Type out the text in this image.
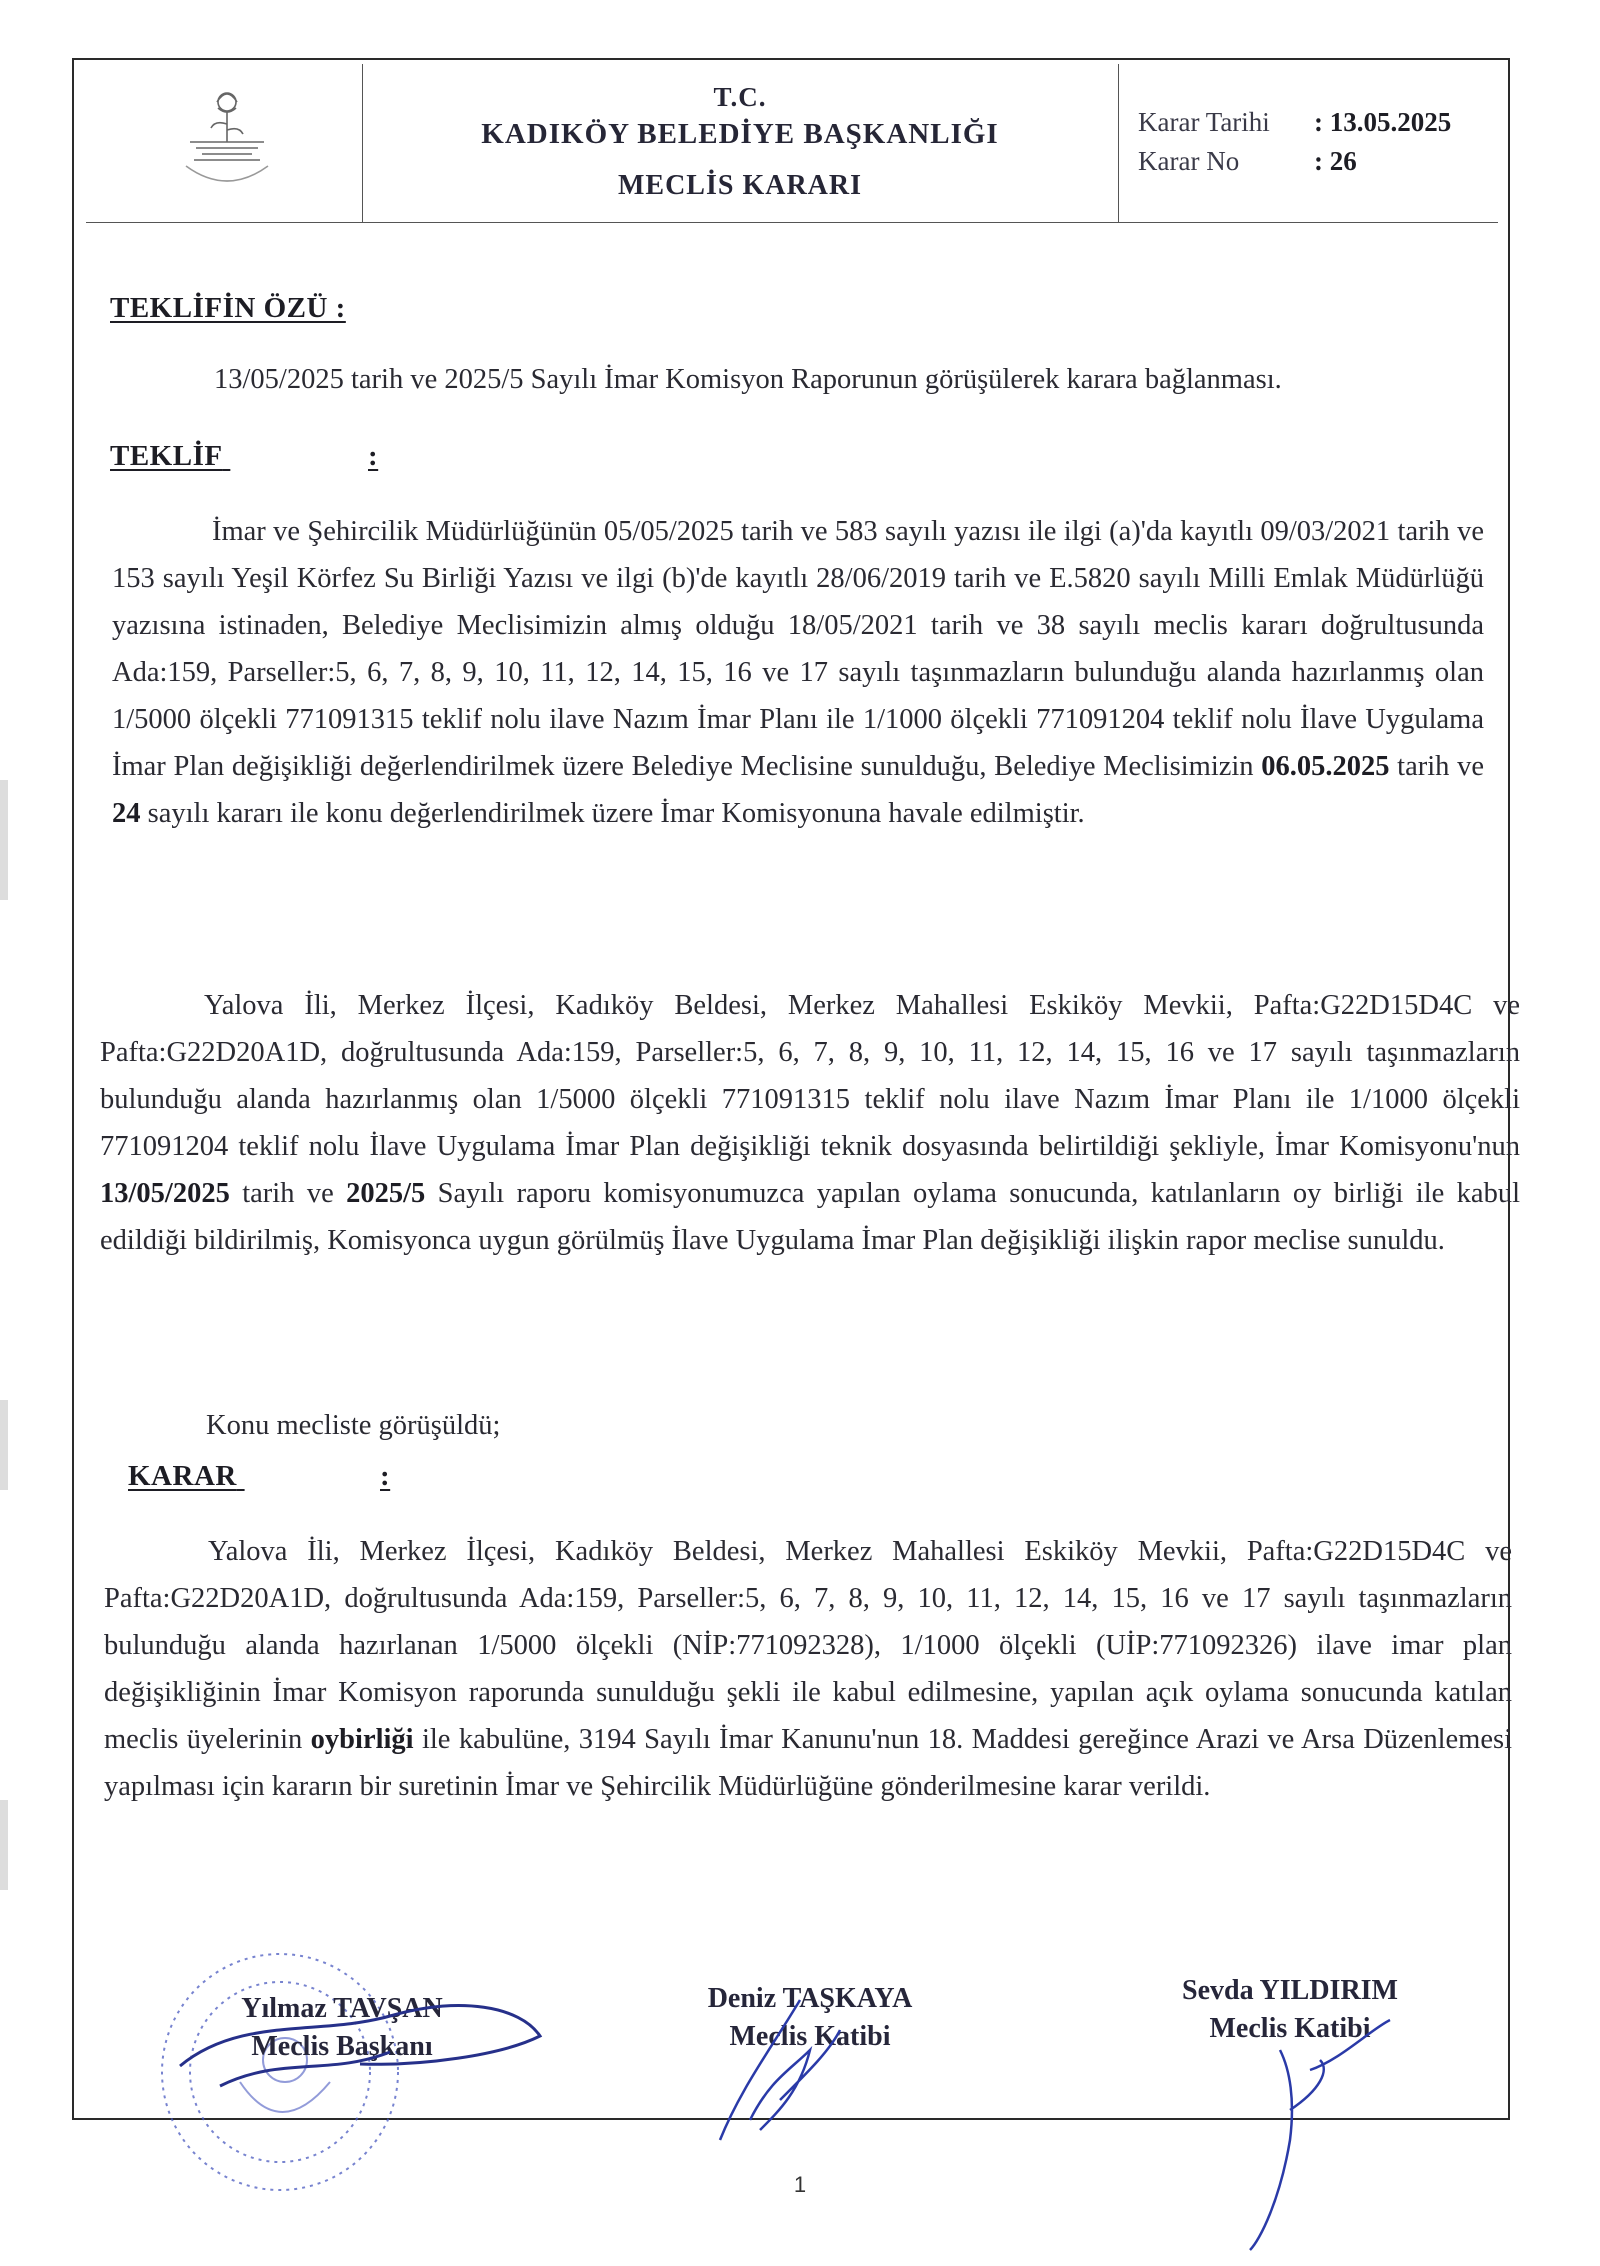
T.C.
KADIKÖY BELEDİYE BAŞKANLIĞI
MECLİS KARARI
Karar Tarihi : 13.05.2025
Karar No	: 26
TEKLİFİN ÖZÜ :

13/05/2025 tarih ve 2025/5 Sayılı İmar Komisyon Raporunun görüşülerek karara bağlanması.

TEKLİF	:

İmar ve Şehircilik Müdürlüğünün 05/05/2025 tarih ve 583 sayılı yazısı ile ilgi (a)'da kayıtlı 09/03/2021 tarih ve 153 sayılı Yeşil Körfez Su Birliği Yazısı ve ilgi (b)'de kayıtlı 28/06/2019 tarih ve E.5820 sayılı Milli Emlak Müdürlüğü yazısına istinaden, Belediye Meclisimizin almış olduğu 18/05/2021 tarih ve 38 sayılı meclis kararı doğrultusunda Ada:159, Parseller:5, 6, 7, 8, 9, 10, 11, 12, 14, 15, 16 ve 17 sayılı taşınmazların bulunduğu alanda hazırlanmış olan 1/5000 ölçekli 771091315 teklif nolu ilave Nazım İmar Planı ile 1/1000 ölçekli 771091204 teklif nolu İlave Uygulama İmar Plan değişikliği değerlendirilmek üzere Belediye Meclisine sunulduğu, Belediye Meclisimizin 06.05.2025 tarih ve 24 sayılı kararı ile konu değerlendirilmek üzere İmar Komisyonuna havale edilmiştir.

Yalova İli, Merkez İlçesi, Kadıköy Beldesi, Merkez Mahallesi Eskiköy Mevkii, Pafta:G22D15D4C ve Pafta:G22D20A1D, doğrultusunda Ada:159, Parseller:5, 6, 7, 8, 9, 10, 11, 12, 14, 15, 16 ve 17 sayılı taşınmazların bulunduğu alanda hazırlanmış olan 1/5000 ölçekli 771091315 teklif nolu ilave Nazım İmar Planı ile 1/1000 ölçekli 771091204 teklif nolu İlave Uygulama İmar Plan değişikliği teknik dosyasında belirtildiği şekliyle, İmar Komisyonu'nun 13/05/2025 tarih ve 2025/5 Sayılı raporu komisyonumuzca yapılan oylama sonucunda, katılanların oy birliği ile kabul edildiği bildirilmiş, Komisyonca uygun görülmüş İlave Uygulama İmar Plan değişikliği ilişkin rapor meclise sunuldu.

Konu mecliste görüşüldü;

KARAR	:

Yalova İli, Merkez İlçesi, Kadıköy Beldesi, Merkez Mahallesi Eskiköy Mevkii, Pafta:G22D15D4C ve Pafta:G22D20A1D, doğrultusunda Ada:159, Parseller:5, 6, 7, 8, 9, 10, 11, 12, 14, 15, 16 ve 17 sayılı taşınmazların bulunduğu alanda hazırlanan 1/5000 ölçekli (NİP:771092328), 1/1000 ölçekli (UİP:771092326) ilave imar plan değişikliğinin İmar Komisyon raporunda sunulduğu şekli ile kabul edilmesine, yapılan açık oylama sonucunda katılan meclis üyelerinin oybirliği ile kabulüne, 3194 Sayılı İmar Kanunu'nun 18. Maddesi gereğince Arazi ve Arsa Düzenlemesi yapılması için kararın bir suretinin İmar ve Şehircilik Müdürlüğüne gönderilmesine karar verildi.

Yılmaz TAVŞAN
Meclis Başkanı
Deniz TAŞKAYA
Meclis Katibi
Sevda YILDIRIM
Meclis Katibi
1
